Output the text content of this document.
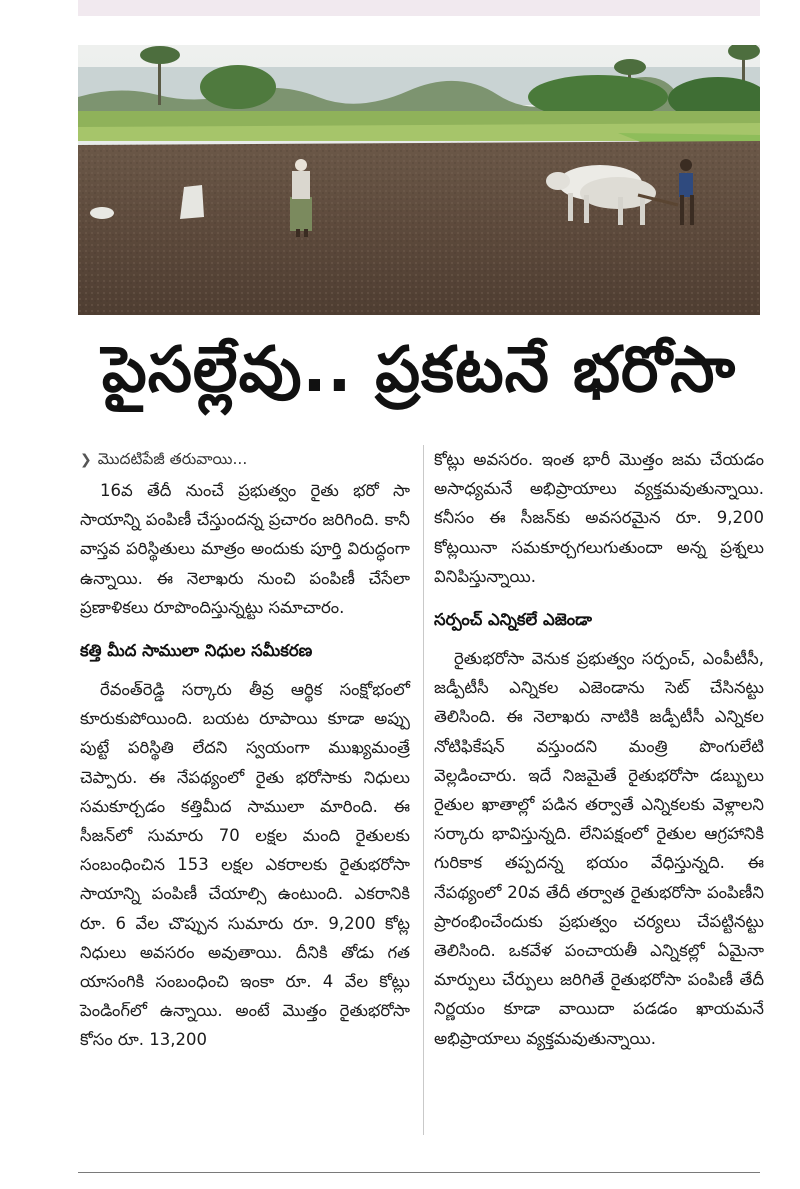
పైసల్లేవు.. ప్రకటనే భరోసా
❯ మొదటిపేజీ తరువాయి...

16వ తేదీ నుంచే ప్రభుత్వం రైతు భరో సా సాయాన్ని పంపిణీ చేస్తుందన్న ప్రచారం జరిగింది. కానీ వాస్తవ పరిస్థితులు మాత్రం అందుకు పూర్తి విరుద్ధంగా ఉన్నాయి. ఈ నెలాఖరు నుంచి పంపిణీ చేసేలా ప్రణాళికలు రూపొందిస్తున్నట్టు సమాచారం.

కత్తి మీద సాములా నిధుల సమీకరణ

రేవంత్‌రెడ్డి సర్కారు తీవ్ర ఆర్థిక సంక్షోభంలో కూరుకుపోయింది. బయట రూపాయి కూడా అప్పు పుట్టే పరిస్థితి లేదని స్వయంగా ముఖ్యమంత్రే చెప్పారు. ఈ నేపథ్యంలో రైతు భరోసాకు నిధులు సమకూర్చడం కత్తిమీద సాములా మారింది. ఈ సీజన్‌లో సుమారు 70 లక్షల మంది రైతులకు సంబంధించిన 153 లక్షల ఎకరాలకు రైతుభరోసా సాయాన్ని పంపిణీ చేయాల్సి ఉంటుంది. ఎకరానికి రూ. 6 వేల చొప్పున సుమారు రూ. 9,200 కోట్ల నిధులు అవసరం అవుతాయి. దీనికి తోడు గత యాసంగికి సంబంధించి ఇంకా రూ. 4 వేల కోట్లు పెండింగ్‌లో ఉన్నాయి. అంటే మొత్తం రైతుభరోసా కోసం రూ. 13,200

కోట్లు అవసరం. ఇంత భారీ మొత్తం జమ చేయడం అసాధ్యమనే అభిప్రాయాలు వ్యక్తమవుతున్నాయి. కనీసం ఈ సీజన్‌కు అవసరమైన రూ. 9,200 కోట్లయినా సమకూర్చగలుగుతుందా అన్న ప్రశ్నలు వినిపిస్తున్నాయి.

సర్పంచ్‌ ఎన్నికలే ఎజెండా

రైతుభరోసా వెనుక ప్రభుత్వం సర్పంచ్‌, ఎంపీటీసీ, జడ్పీటీసీ ఎన్నికల ఎజెండాను సెట్‌ చేసినట్టు తెలిసింది. ఈ నెలాఖరు నాటికి జడ్పీటీసీ ఎన్నికల నోటిఫికేషన్‌ వస్తుందని మంత్రి పొంగులేటి వెల్లడించారు. ఇదే నిజమైతే రైతుభరోసా డబ్బులు రైతుల ఖాతాల్లో పడిన తర్వాతే ఎన్నికలకు వెళ్లాలని సర్కారు భావిస్తున్నది. లేనిపక్షంలో రైతుల ఆగ్రహానికి గురికాక తప్పదన్న భయం వేధిస్తున్నది. ఈ నేపథ్యంలో 20వ తేదీ తర్వాత రైతుభరోసా పంపిణీని ప్రారంభించేందుకు ప్రభుత్వం చర్యలు చేపట్టినట్టు తెలిసింది. ఒకవేళ పంచాయతీ ఎన్నికల్లో ఏమైనా మార్పులు చేర్పులు జరిగితే రైతుభరోసా పంపిణీ తేదీ నిర్ణయం కూడా వాయిదా పడడం ఖాయమనే అభిప్రాయాలు వ్యక్తమవుతున్నాయి.
